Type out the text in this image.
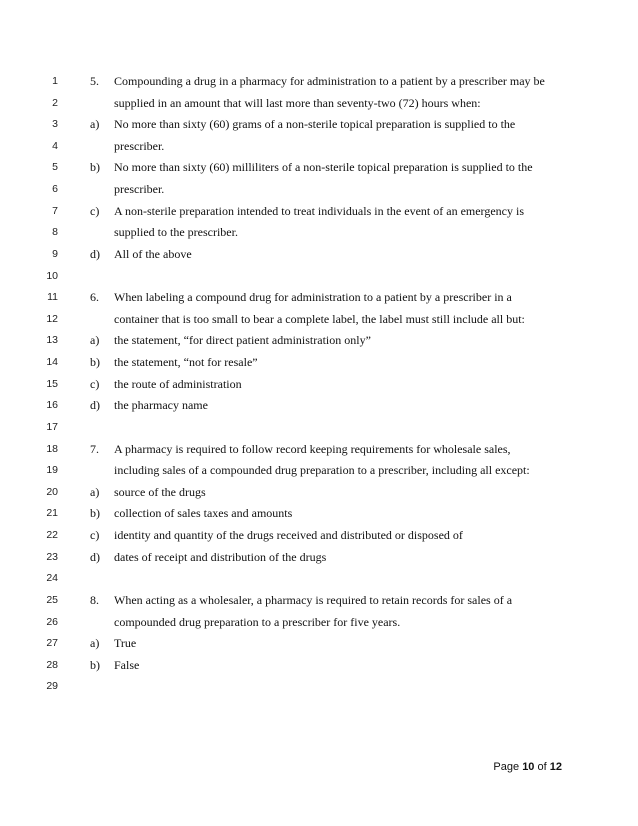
1	5.	Compounding a drug in a pharmacy for administration to a patient by a prescriber may be
2	supplied in an amount that will last more than seventy-two (72) hours when:
3	a)	No more than sixty (60) grams of a non-sterile topical preparation is supplied to the
4	prescriber.
5	b)	No more than sixty (60) milliliters of a non-sterile topical preparation is supplied to the
6	prescriber.
7	c)	A non-sterile preparation intended to treat individuals in the event of an emergency is
8	supplied to the prescriber.
9	d)	All of the above
10
11	6.	When labeling a compound drug for administration to a patient by a prescriber in a
12	container that is too small to bear a complete label, the label must still include all but:
13	a)	the statement, “for direct patient administration only”
14	b)	the statement, “not for resale”
15	c)	the route of administration
16	d)	the pharmacy name
17
18	7.	A pharmacy is required to follow record keeping requirements for wholesale sales,
19	including sales of a compounded drug preparation to a prescriber, including all except:
20	a)	source of the drugs
21	b)	collection of sales taxes and amounts
22	c)	identity and quantity of the drugs received and distributed or disposed of
23	d)	dates of receipt and distribution of the drugs
24
25	8.	When acting as a wholesaler, a pharmacy is required to retain records for sales of a
26	compounded drug preparation to a prescriber for five years.
27	a)	True
28	b)	False
29
Page 10 of 12
